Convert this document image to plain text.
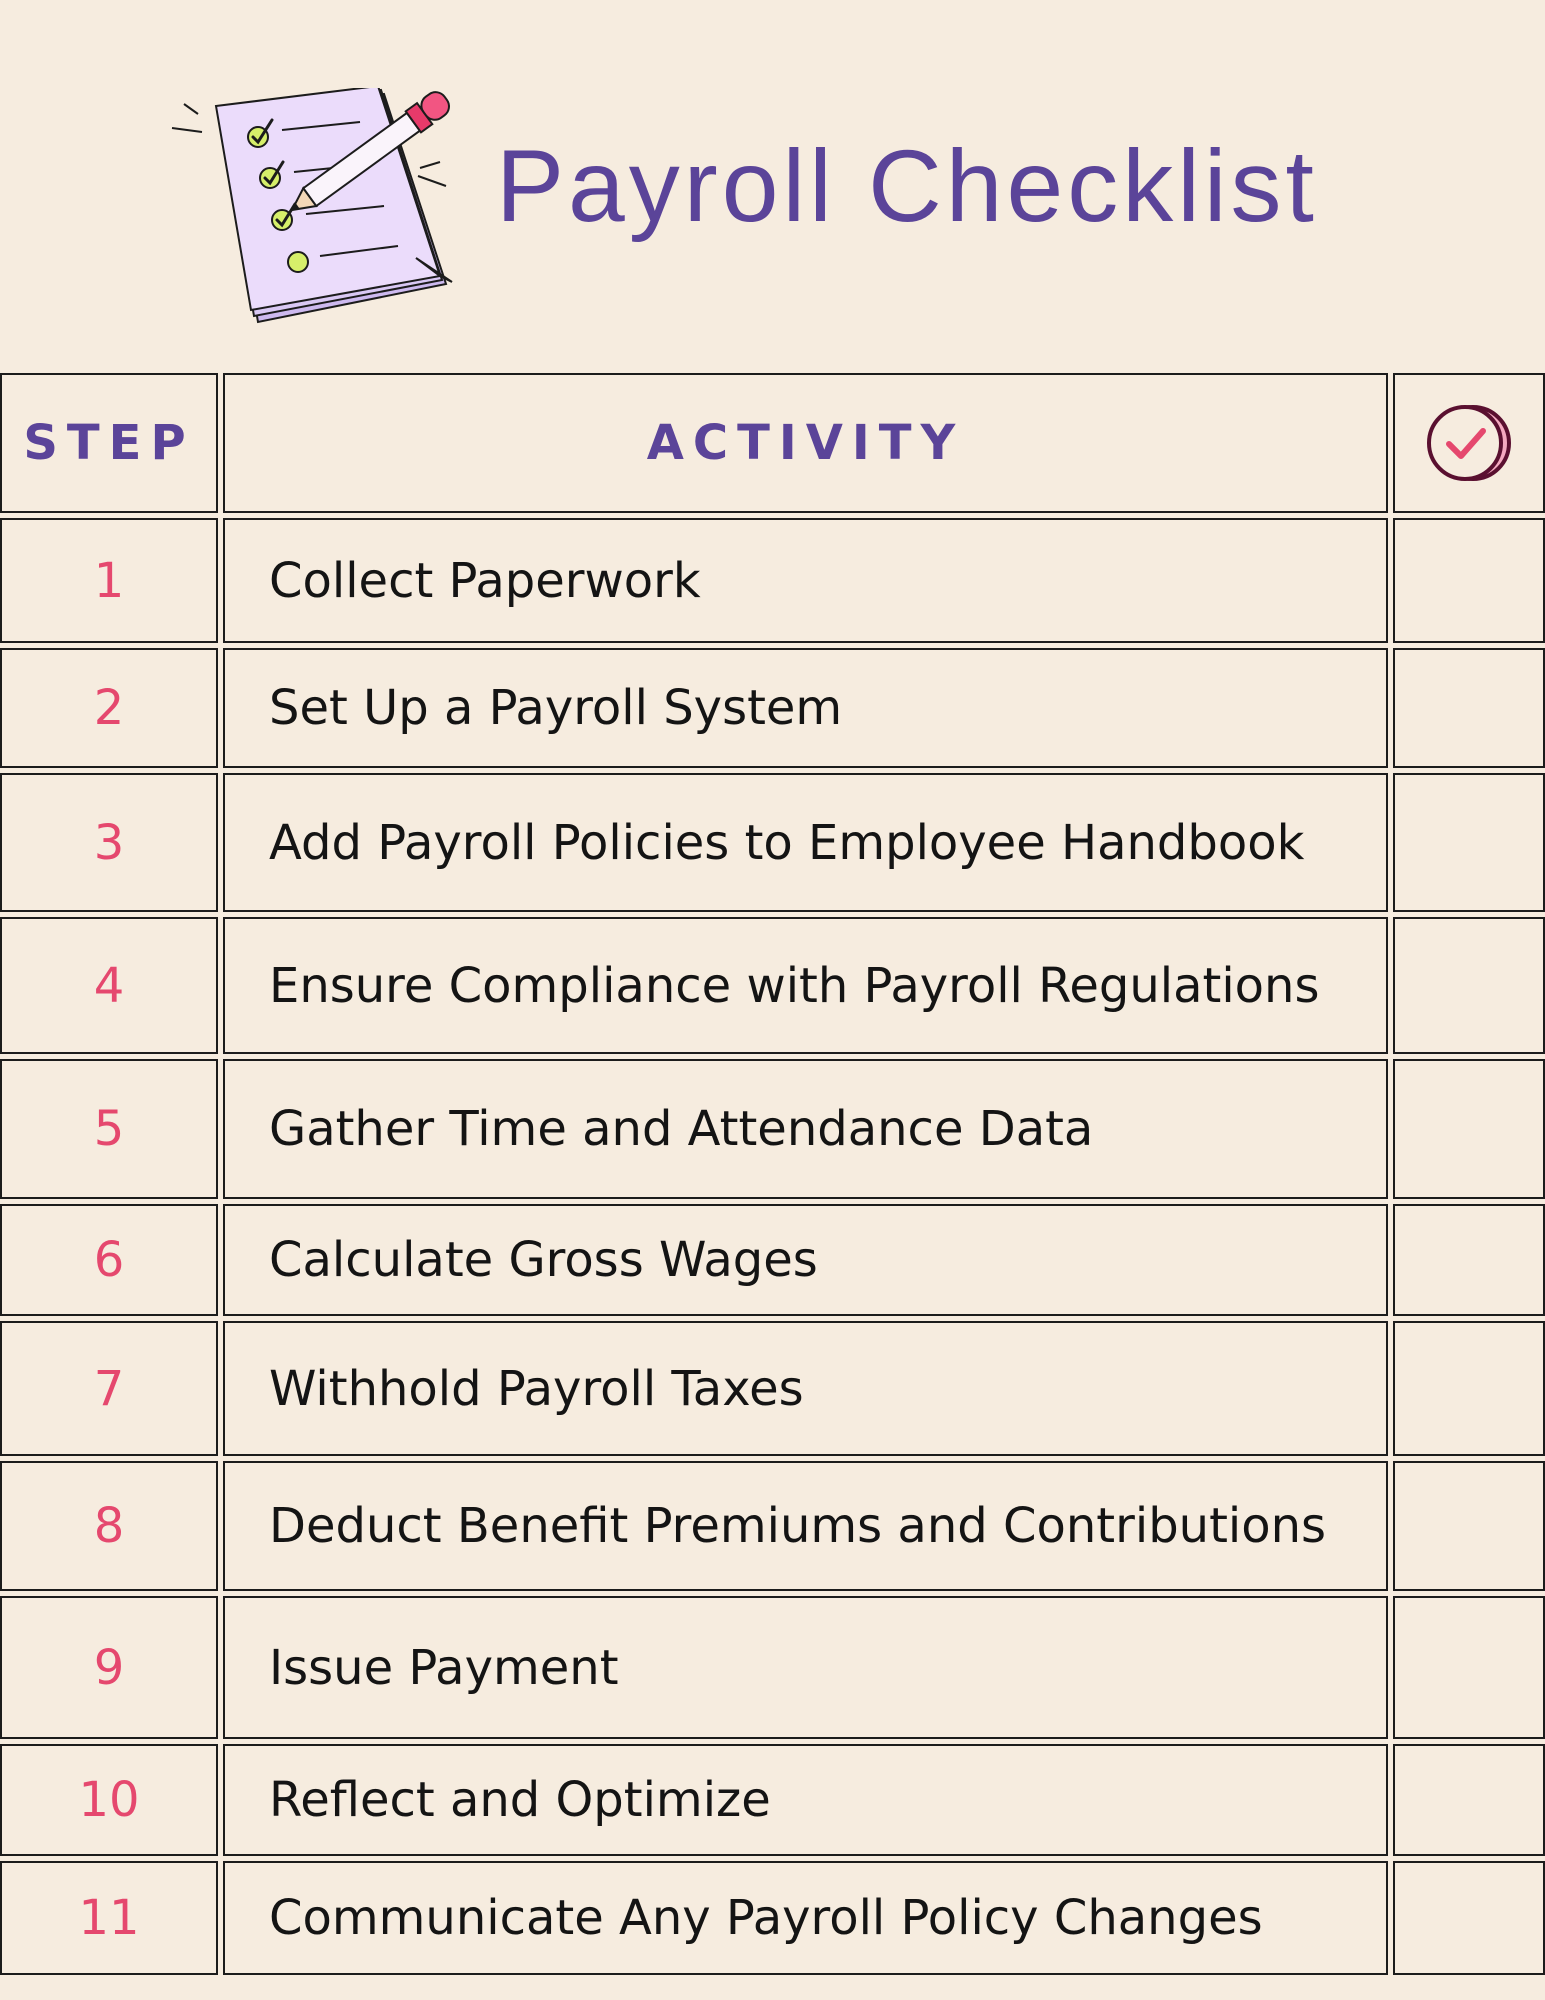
Payroll Checklist
STEP	ACTIVITY
1	Collect Paperwork
2	Set Up a Payroll System
3	Add Payroll Policies to Employee Handbook
4	Ensure Compliance with Payroll Regulations
5	Gather Time and Attendance Data
6	Calculate Gross Wages
7	Withhold Payroll Taxes
8	Deduct Benefit Premiums and Contributions
9	Issue Payment
10	Reflect and Optimize
11	Communicate Any Payroll Policy Changes
